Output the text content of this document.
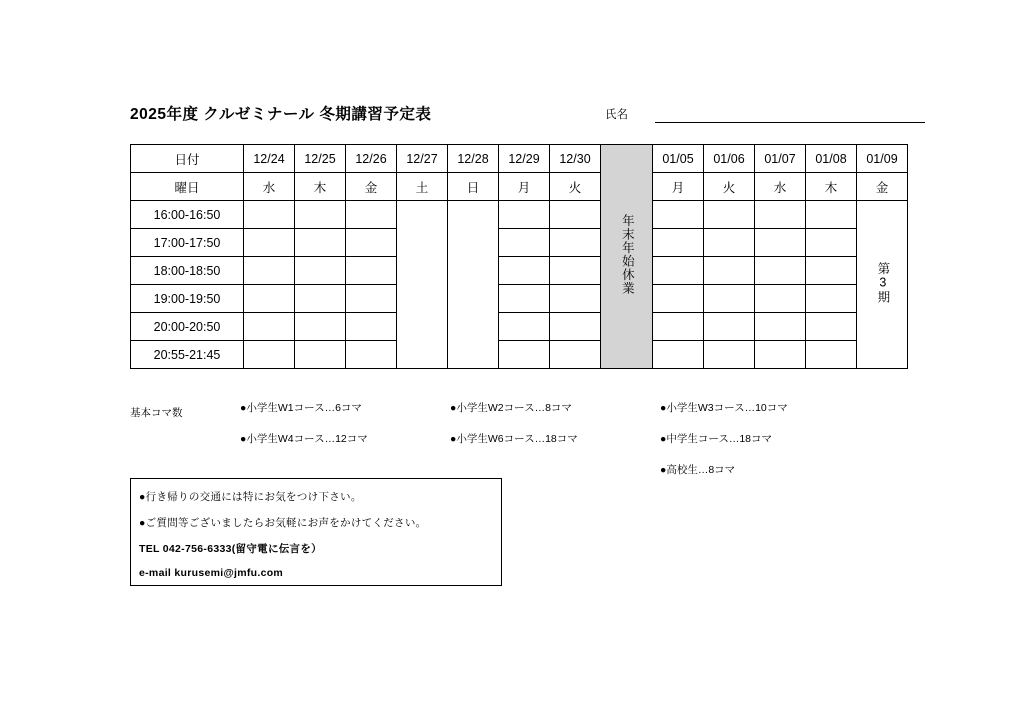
2025年度 クルゼミナール 冬期講習予定表	氏名
日付	12/24	12/25	12/26	12/27	12/28	12/29	12/30	年末年始休業	01/05	01/06	01/07	01/08	01/09
曜日	水	木	金	土	日	月	火		月	火	水	木	金
16:00-16:50													第3期
17:00-17:50													
18:00-18:50													
19:00-19:50													
20:00-20:50													
20:55-21:45													
基本コマ数	●小学生W1コース…6コマ	●小学生W2コース…8コマ	●小学生W3コース…10コマ
●小学生W4コース…12コマ	●小学生W6コース…18コマ	●中学生コース…18コマ
●高校生…8コマ
●行き帰りの交通には特にお気をつけ下さい。
●ご質問等ございましたらお気軽にお声をかけてください。
TEL 042-756-6333(留守電に伝言を）
e-mail kurusemi@jmfu.com
